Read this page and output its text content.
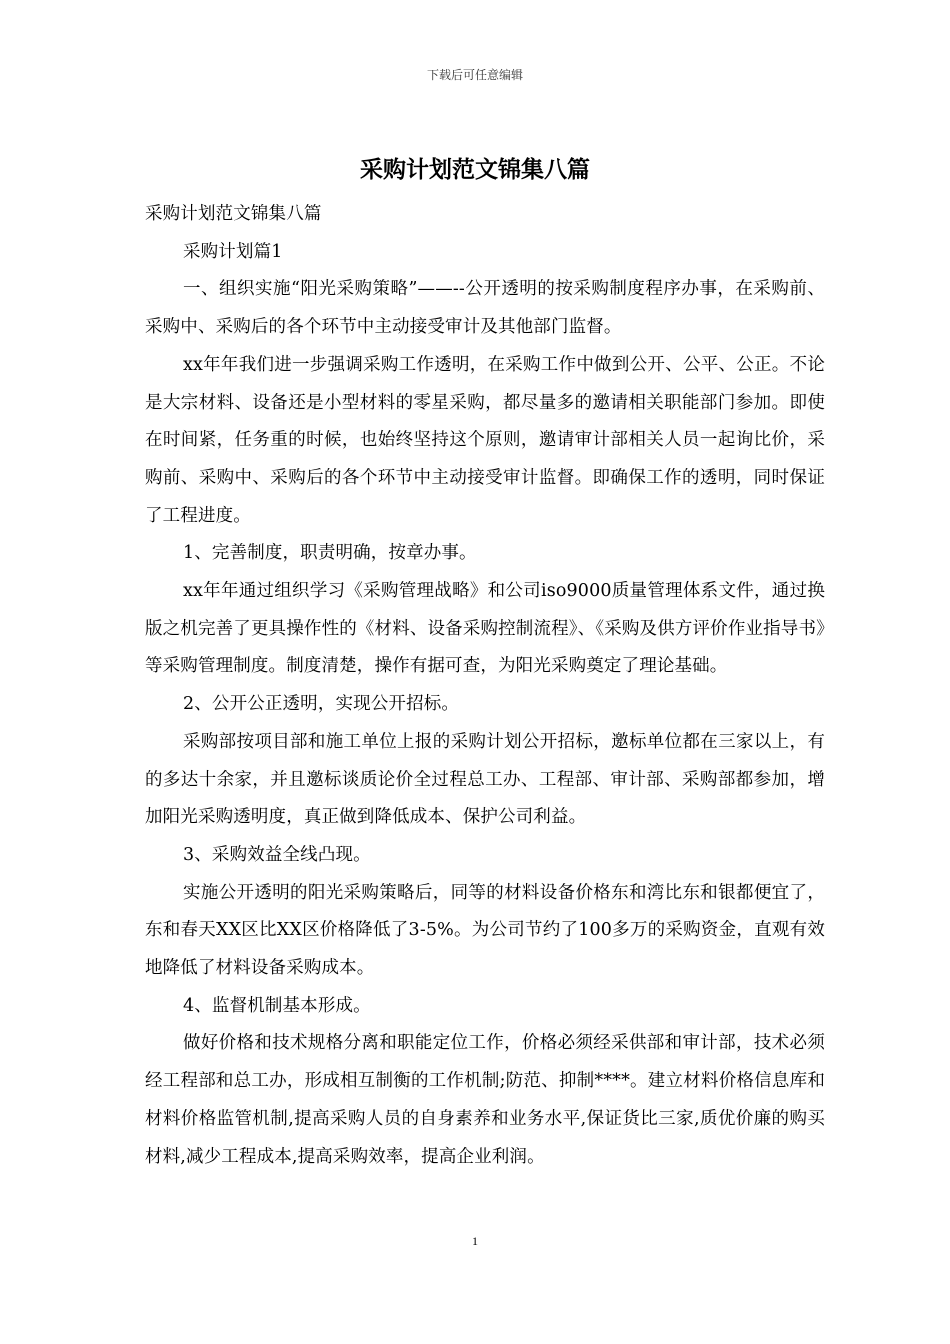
下载后可任意编辑
采购计划范文锦集八篇

采购计划范文锦集八篇

采购计划篇1

一、组织实施“阳光采购策略”——--公开透明的按采购制度程序办事，在采购前、采购中、采购后的各个环节中主动接受审计及其他部门监督。

xx年年我们进一步强调采购工作透明，在采购工作中做到公开、公平、公正。不论是大宗材料、设备还是小型材料的零星采购，都尽量多的邀请相关职能部门参加。即使在时间紧，任务重的时候，也始终坚持这个原则，邀请审计部相关人员一起询比价，采购前、采购中、采购后的各个环节中主动接受审计监督。即确保工作的透明，同时保证了工程进度。

1、完善制度，职责明确，按章办事。

xx年年通过组织学习《采购管理战略》和公司iso9000质量管理体系文件，通过换版之机完善了更具操作性的《材料、设备采购控制流程》、《采购及供方评价作业指导书》等采购管理制度。制度清楚，操作有据可查，为阳光采购奠定了理论基础。

2、公开公正透明，实现公开招标。

采购部按项目部和施工单位上报的采购计划公开招标，邀标单位都在三家以上，有的多达十余家，并且邀标谈质论价全过程总工办、工程部、审计部、采购部都参加，增加阳光采购透明度，真正做到降低成本、保护公司利益。

3、采购效益全线凸现。

实施公开透明的阳光采购策略后，同等的材料设备价格东和湾比东和银都便宜了，东和春天XX区比XX区价格降低了3-5%。为公司节约了100多万的采购资金，直观有效地降低了材料设备采购成本。

4、监督机制基本形成。

做好价格和技术规格分离和职能定位工作，价格必须经采供部和审计部，技术必须经工程部和总工办，形成相互制衡的工作机制;防范、抑制****。建立材料价格信息库和材料价格监管机制,提高采购人员的自身素养和业务水平,保证货比三家,质优价廉的购买材料,减少工程成本,提高采购效率，提高企业利润。

1
